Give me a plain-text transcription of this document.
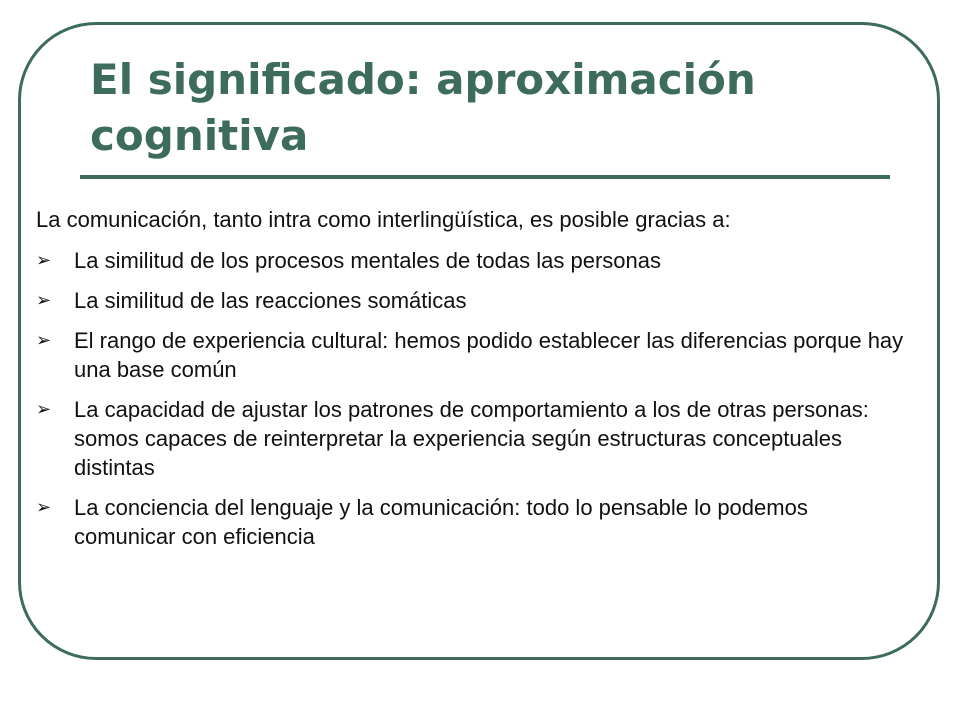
El significado: aproximación cognitiva

La comunicación, tanto intra como interlingüística, es posible gracias a:

➢	La similitud de los procesos mentales de todas las personas
➢	La similitud de las reacciones somáticas
➢	El rango de experiencia cultural: hemos podido establecer las diferencias porque hay una base común
➢	La capacidad de ajustar los patrones de comportamiento a los de otras personas: somos capaces de reinterpretar la experiencia según estructuras conceptuales distintas
➢	La conciencia del lenguaje y la comunicación: todo lo pensable lo podemos comunicar con eficiencia
